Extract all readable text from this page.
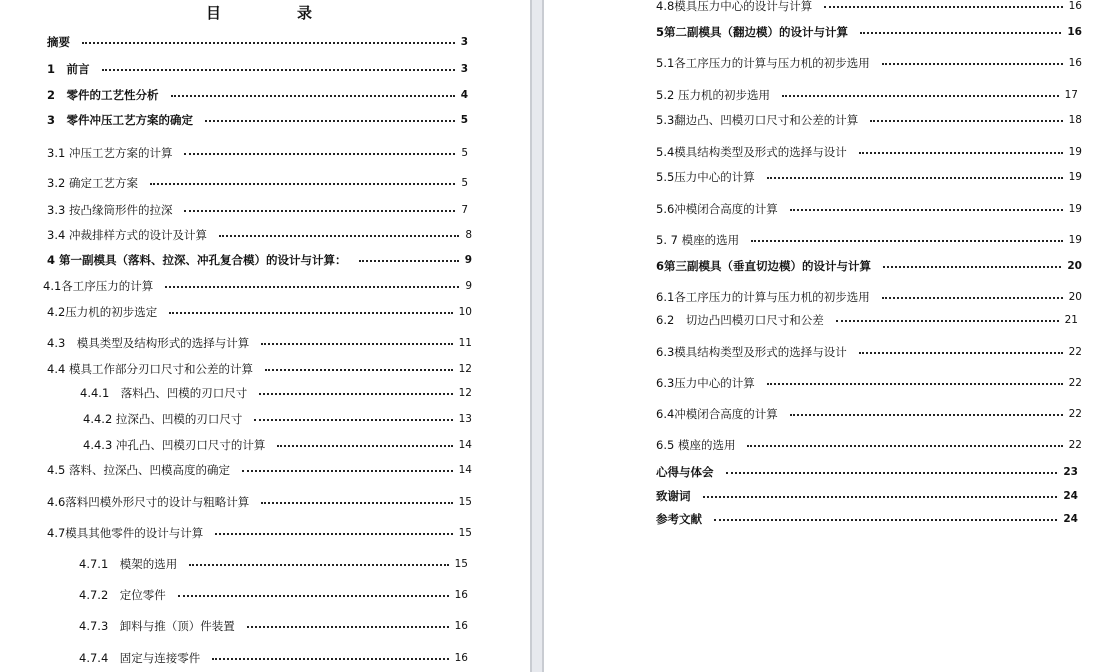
目	录
摘要	3
1　前言	3
2　零件的工艺性分析	4
3　零件冲压工艺方案的确定	5
3.1 冲压工艺方案的计算	5
3.2 确定工艺方案	5
3.3 按凸缘筒形件的拉深	7
3.4 冲裁排样方式的设计及计算	8
4 第一副模具（落料、拉深、冲孔复合模）的设计与计算：	9
4.1各工序压力的计算	9
4.2压力机的初步选定	10
4.3　模具类型及结构形式的选择与计算	11
4.4 模具工作部分刃口尺寸和公差的计算	12
4.4.1　落料凸、凹模的刃口尺寸	12
4.4.2 拉深凸、凹模的刃口尺寸	13
4.4.3 冲孔凸、凹模刃口尺寸的计算	14
4.5 落料、拉深凸、凹模高度的确定	14
4.6落料凹模外形尺寸的设计与粗略计算	15
4.7模具其他零件的设计与计算	15
4.7.1　模架的选用	15
4.7.2　定位零件	16
4.7.3　卸料与推（顶）件装置	16
4.7.4　固定与连接零件	16
4.8模具压力中心的设计与计算	16
5第二副模具（翻边模）的设计与计算	16
5.1各工序压力的计算与压力机的初步选用	16
5.2 压力机的初步选用	17
5.3翻边凸、凹模刃口尺寸和公差的计算	18
5.4模具结构类型及形式的选择与设计	19
5.5压力中心的计算	19
5.6冲模闭合高度的计算	19
5. 7 模座的选用	19
6第三副模具（垂直切边模）的设计与计算	20
6.1各工序压力的计算与压力机的初步选用	20
6.2　切边凸凹模刃口尺寸和公差	21
6.3模具结构类型及形式的选择与设计	22
6.3压力中心的计算	22
6.4冲模闭合高度的计算	22
6.5 模座的选用	22
心得与体会	23
致谢词	24
参考文献	24
